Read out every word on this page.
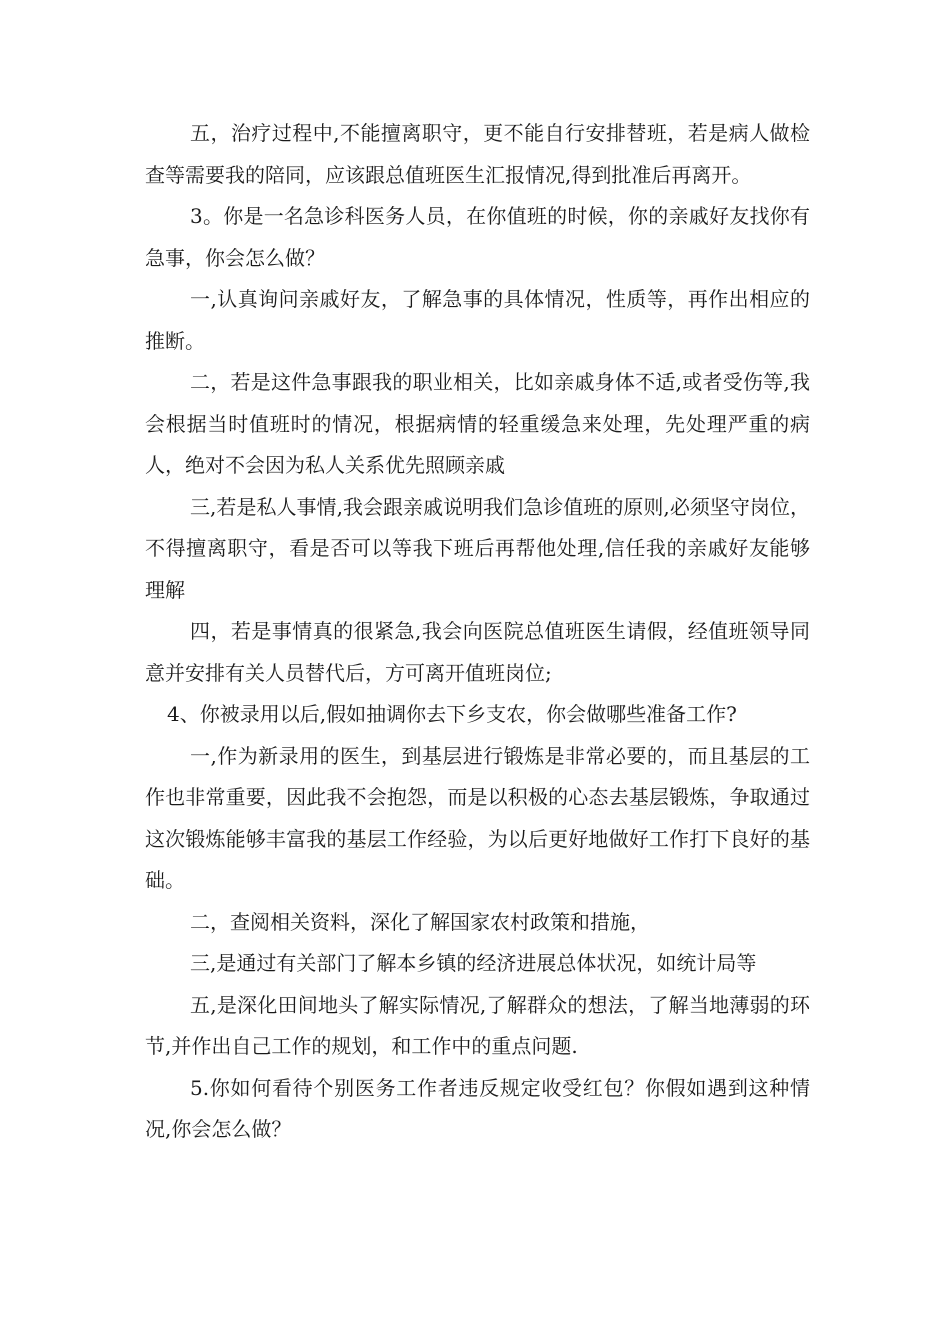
五，治疗过程中,不能擅离职守，更不能自行安排替班，若是病人做检查等需要我的陪同，应该跟总值班医生汇报情况,得到批准后再离开。

3。你是一名急诊科医务人员，在你值班的时候，你的亲戚好友找你有急事，你会怎么做？

一,认真询问亲戚好友，了解急事的具体情况，性质等，再作出相应的推断。

二，若是这件急事跟我的职业相关，比如亲戚身体不适,或者受伤等,我会根据当时值班时的情况，根据病情的轻重缓急来处理，先处理严重的病人，绝对不会因为私人关系优先照顾亲戚

三,若是私人事情,我会跟亲戚说明我们急诊值班的原则,必须坚守岗位，不得擅离职守，看是否可以等我下班后再帮他处理,信任我的亲戚好友能够理解

四，若是事情真的很紧急,我会向医院总值班医生请假，经值班领导同意并安排有关人员替代后，方可离开值班岗位;

4、你被录用以后,假如抽调你去下乡支农，你会做哪些准备工作?

一,作为新录用的医生，到基层进行锻炼是非常必要的，而且基层的工作也非常重要，因此我不会抱怨，而是以积极的心态去基层锻炼，争取通过这次锻炼能够丰富我的基层工作经验，为以后更好地做好工作打下良好的基础。

二，查阅相关资料，深化了解国家农村政策和措施，

三,是通过有关部门了解本乡镇的经济进展总体状况，如统计局等

五,是深化田间地头了解实际情况,了解群众的想法，了解当地薄弱的环节,并作出自己工作的规划，和工作中的重点问题.

5.你如何看待个别医务工作者违反规定收受红包？你假如遇到这种情况,你会怎么做？
